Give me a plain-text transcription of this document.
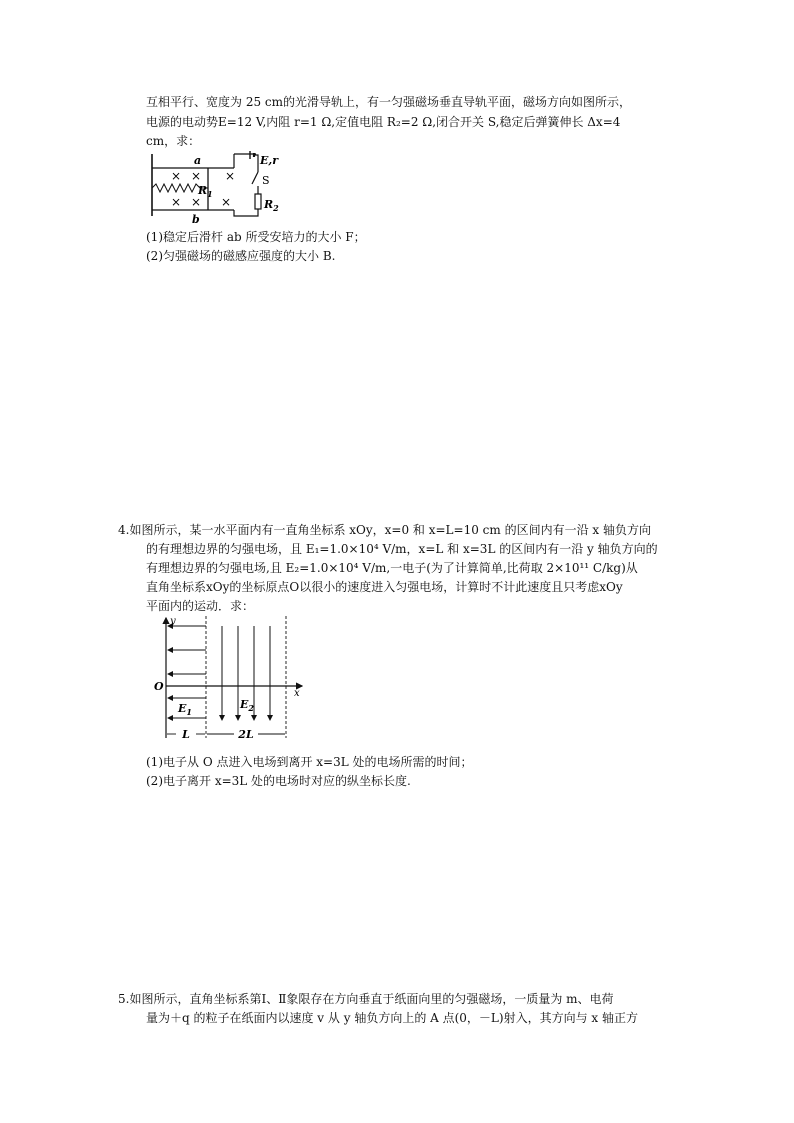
互相平行、宽度为 25 cm的光滑导轨上，有一匀强磁场垂直导轨平面，磁场方向如图所示，
电源的电动势E=12 V,内阻 r=1 Ω,定值电阻 R₂=2 Ω,闭合开关 S,稳定后弹簧伸长 Δx=4
cm，求：
× × ×
× × ×
a
b
$R_1$
$R_2$
E,r
S
(1)稳定后滑杆 ab 所受安培力的大小 F；
(2)匀强磁场的磁感应强度的大小 B.
4.如图所示，某一水平面内有一直角坐标系 xOy，x=0 和 x=L=10 cm 的区间内有一沿 x 轴负方向
的有理想边界的匀强电场，且 E₁=1.0×10⁴ V/m，x=L 和 x=3L 的区间内有一沿 y 轴负方向的
有理想边界的匀强电场,且 E₂=1.0×10⁴ V/m,一电子(为了计算简单,比荷取 2×10¹¹ C/kg)从
直角坐标系xOy的坐标原点O以很小的速度进入匀强电场，计算时不计此速度且只考虑xOy
平面内的运动．求：
y
x
O
$E_1$
$E_2$
L	2L
(1)电子从 O 点进入电场到离开 x=3L 处的电场所需的时间；
(2)电子离开 x=3L 处的电场时对应的纵坐标长度.
5.如图所示，直角坐标系第Ⅰ、Ⅱ象限存在方向垂直于纸面向里的匀强磁场，一质量为 m、电荷
量为＋q 的粒子在纸面内以速度 v 从 y 轴负方向上的 A 点(0，－L)射入，其方向与 x 轴正方
